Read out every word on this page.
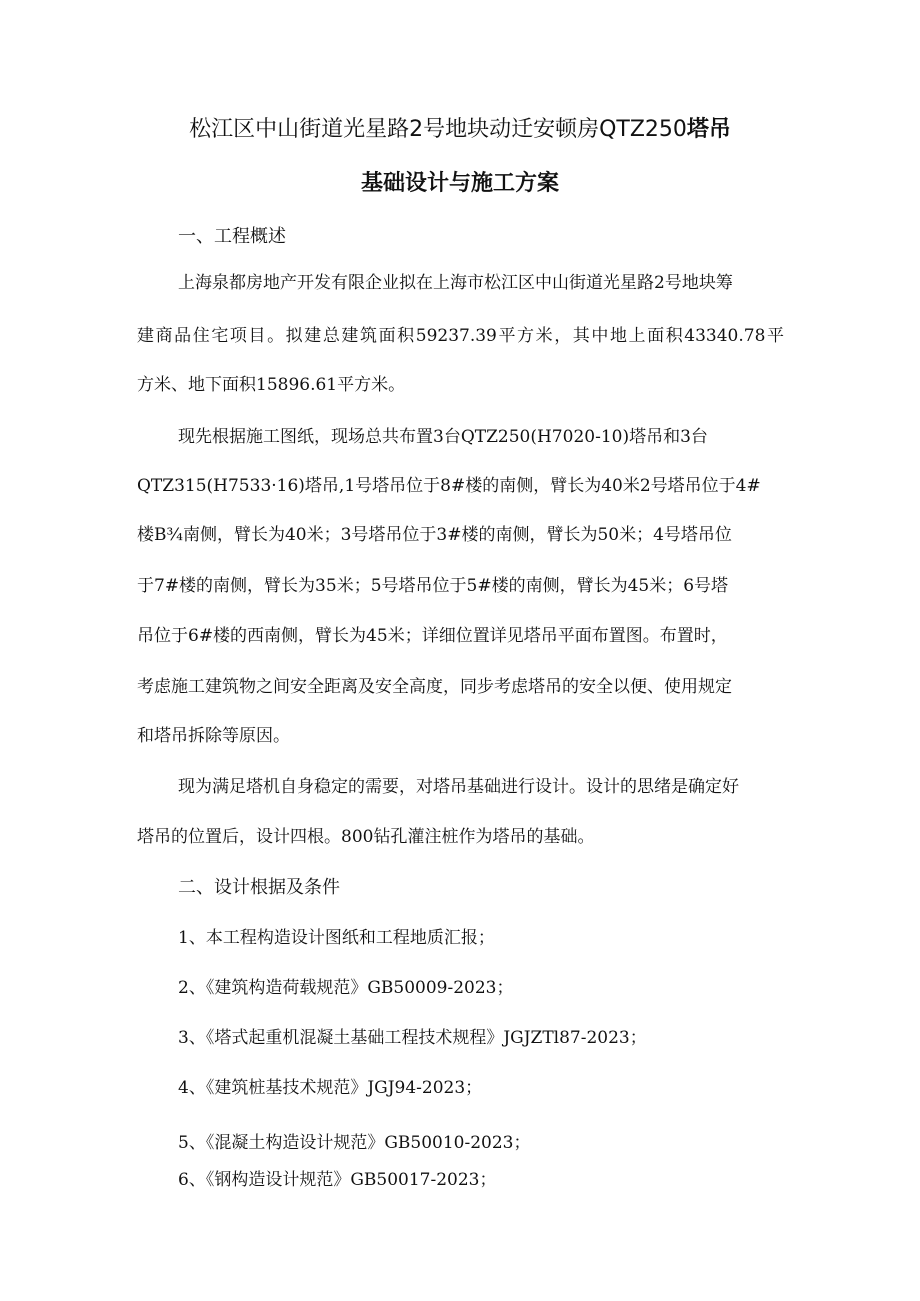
松江区中山街道光星路2号地块动迁安顿房QTZ250塔吊
基础设计与施工方案
一、工程概述
上海泉都房地产开发有限企业拟在上海市松江区中山街道光星路2号地块筹
建商品住宅项目。拟建总建筑面积59237.39平方米，其中地上面积43340.78平
方米、地下面积15896.61平方米。
现先根据施工图纸，现场总共布置3台QTZ250(H7020-10)塔吊和3台
QTZ315(H7533·16)塔吊,1号塔吊位于8#楼的南侧，臂长为40米2号塔吊位于4#
楼B¾南侧，臂长为40米；3号塔吊位于3#楼的南侧，臂长为50米；4号塔吊位
于7#楼的南侧，臂长为35米；5号塔吊位于5#楼的南侧，臂长为45米；6号塔
吊位于6#楼的西南侧，臂长为45米；详细位置详见塔吊平面布置图。布置时，
考虑施工建筑物之间安全距离及安全高度，同步考虑塔吊的安全以便、使用规定
和塔吊拆除等原因。
现为满足塔机自身稳定的需要，对塔吊基础进行设计。设计的思绪是确定好
塔吊的位置后，设计四根。800钻孔灌注桩作为塔吊的基础。
二、设计根据及条件
1、本工程构造设计图纸和工程地质汇报；
2、《建筑构造荷载规范》GB50009-2023；
3、《塔式起重机混凝土基础工程技术规程》JGJZTl87-2023；
4、《建筑桩基技术规范》JGJ94-2023；
5、《混凝土构造设计规范》GB50010-2023；
6、《钢构造设计规范》GB50017-2023；
